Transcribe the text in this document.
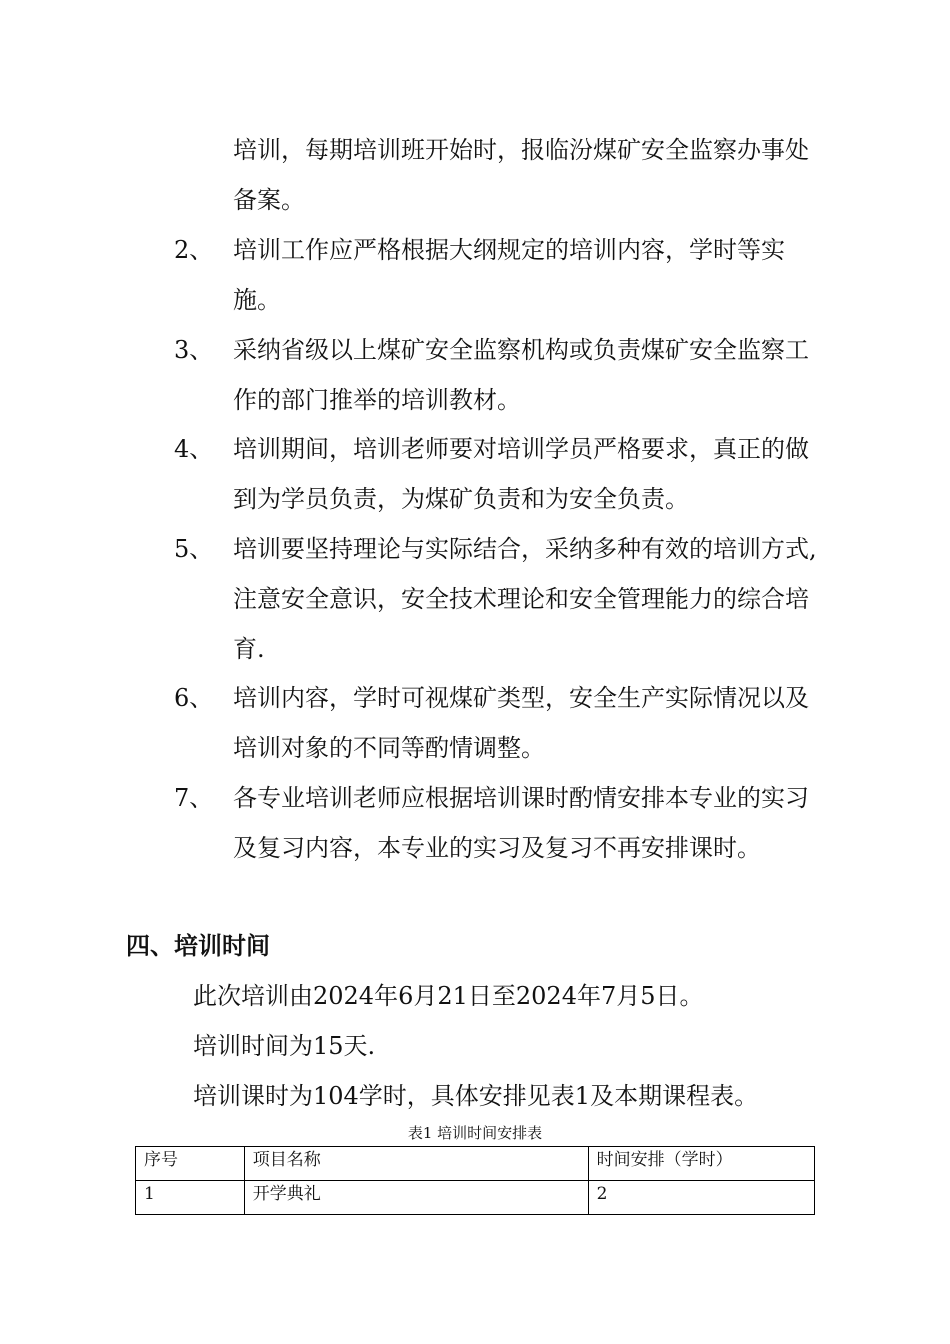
培训，每期培训班开始时，报临汾煤矿安全监察办事处备案。
2、 培训工作应严格根据大纲规定的培训内容，学时等实施。
3、 采纳省级以上煤矿安全监察机构或负责煤矿安全监察工作的部门推举的培训教材。
4、 培训期间，培训老师要对培训学员严格要求，真正的做到为学员负责，为煤矿负责和为安全负责。
5、 培训要坚持理论与实际结合，采纳多种有效的培训方式,注意安全意识，安全技术理论和安全管理能力的综合培育.
6、 培训内容，学时可视煤矿类型，安全生产实际情况以及培训对象的不同等酌情调整。
7、 各专业培训老师应根据培训课时酌情安排本专业的实习及复习内容，本专业的实习及复习不再安排课时。
四、培训时间
此次培训由2024年6月21日至2024年7月5日。
培训时间为15天.
培训课时为104学时，具体安排见表1及本期课程表。
表1 培训时间安排表
序号	项目名称	时间安排（学时）
1	开学典礼	2
